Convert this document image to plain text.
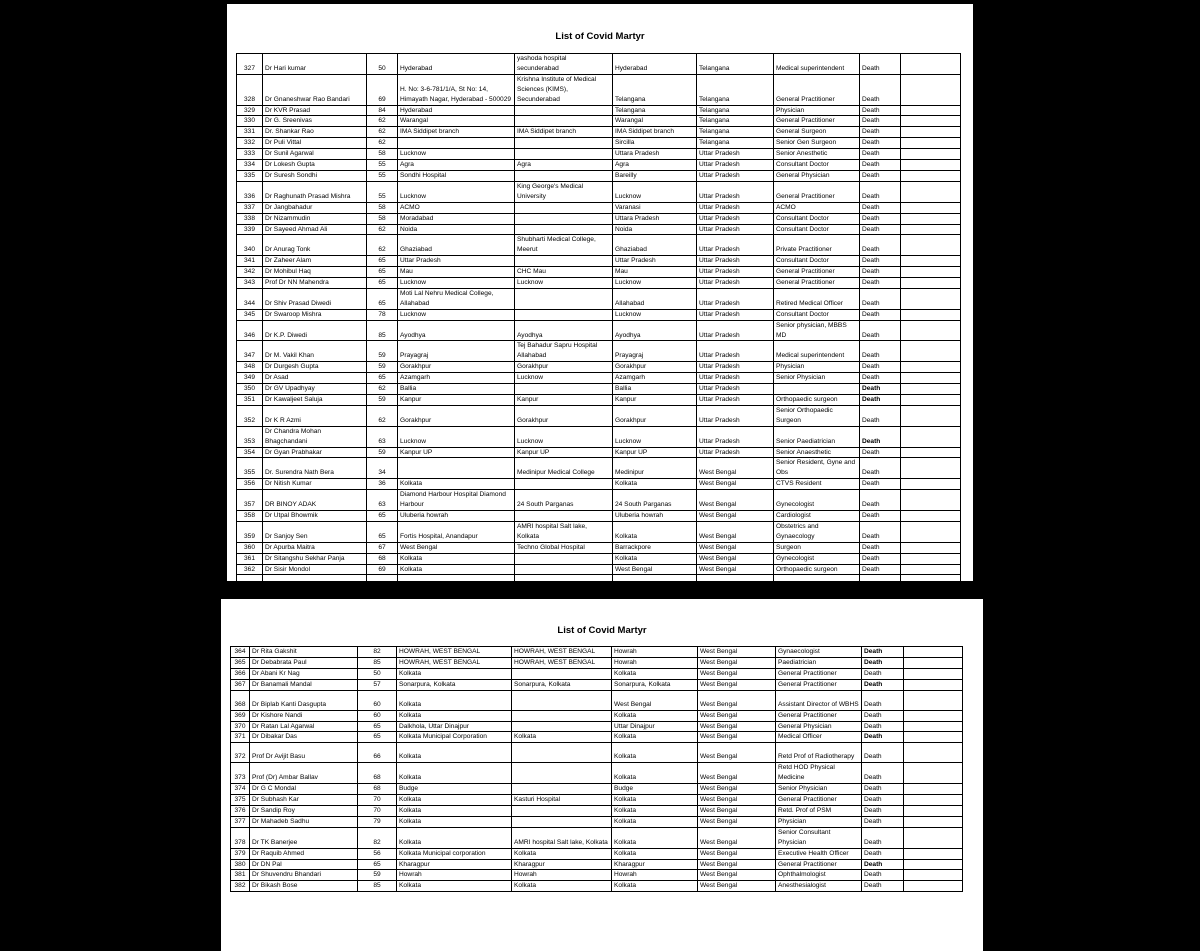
List of Covid Martyr
327	Dr Hari kumar	50	Hyderabad	yashoda hospital secunderabad	Hyderabad	Telangana	Medical superintendent	Death	
328	Dr Gnaneshwar Rao Bandari	69	H. No: 3-6-781/1/A, St No: 14, Himayath Nagar, Hyderabad - 500029	Krishna Institute of Medical Sciences (KIMS), Secunderabad	Telangana	Telangana	General Practitioner	Death	
329	Dr KVR Prasad	84	Hyderabad		Telangana	Telangana	Physician	Death	
330	Dr G. Sreenivas	62	Warangal		Warangal	Telangana	General Practitioner	Death	
331	Dr. Shankar Rao	62	IMA Siddipet branch	IMA Siddipet branch	IMA Siddipet branch	Telangana	General Surgeon	Death	
332	Dr Puli Vittal	62			Sircilla	Telangana	Senior Gen Surgeon	Death	
333	Dr Sunil Agarwal	58	Lucknow		Uttara Pradesh	Uttar Pradesh	Senior Anesthetic	Death	
334	Dr Lokesh Gupta	55	Agra	Agra	Agra	Uttar Pradesh	Consultant Doctor	Death	
335	Dr Suresh Sondhi	55	Sondhi Hospital		Bareilly	Uttar Pradesh	General Physician	Death	
336	Dr Raghunath Prasad Mishra	55	Lucknow	King George's Medical University	Lucknow	Uttar Pradesh	General Practitioner	Death	
337	Dr Jangbahadur	58	ACMO		Varanasi	Uttar Pradesh	ACMO	Death	
338	Dr Nizammudin	58	Moradabad		Uttara Pradesh	Uttar Pradesh	Consultant Doctor	Death	
339	Dr Sayeed Ahmad Ali	62	Noida		Noida	Uttar Pradesh	Consultant Doctor	Death	
340	Dr Anurag Tonk	62	Ghaziabad	Shubharti Medical College, Meerut	Ghaziabad	Uttar Pradesh	Private Practitioner	Death	
341	Dr Zaheer Alam	65	Uttar Pradesh		Uttar Pradesh	Uttar Pradesh	Consultant Doctor	Death	
342	Dr Mohibul Haq	65	Mau	CHC Mau	Mau	Uttar Pradesh	General Practitioner	Death	
343	Prof Dr NN Mahendra	65	Lucknow	Lucknow	Lucknow	Uttar Pradesh	General Practitioner	Death	
344	Dr Shiv Prasad Diwedi	65	Moti Lal Nehru Medical College, Allahabad		Allahabad	Uttar Pradesh	Retired Medical Officer	Death	
345	Dr Swaroop Mishra	78	Lucknow		Lucknow	Uttar Pradesh	Consultant Doctor	Death	
346	Dr K.P. Diwedi	85	Ayodhya	Ayodhya	Ayodhya	Uttar Pradesh	Senior physician, MBBS MD	Death	
347	Dr M. Vakil Khan	59	Prayagraj	Tej Bahadur Sapru Hospital Allahabad	Prayagraj	Uttar Pradesh	Medical superintendent	Death	
348	Dr Durgesh Gupta	59	Gorakhpur	Gorakhpur	Gorakhpur	Uttar Pradesh	Physician	Death	
349	Dr Asad	65	Azamgarh	Lucknow	Azamgarh	Uttar Pradesh	Senior Physician	Death	
350	Dr GV Upadhyay	62	Ballia		Ballia	Uttar Pradesh		Death	
351	Dr Kawaljeet Saluja	59	Kanpur	Kanpur	Kanpur	Uttar Pradesh	Orthopaedic surgeon	Death	
352	Dr K R Azmi	62	Gorakhpur	Gorakhpur	Gorakhpur	Uttar Pradesh	Senior Orthopaedic Surgeon	Death	
353	Dr Chandra Mohan Bhagchandani	63	Lucknow	Lucknow	Lucknow	Uttar Pradesh	Senior Paediatrician	Death	
354	Dr Gyan Prabhakar	59	Kanpur UP	Kanpur UP	Kanpur UP	Uttar Pradesh	Senior Anaesthetic	Death	
355	Dr. Surendra Nath Bera	34		Medinipur Medical College	Medinipur	West Bengal	Senior Resident, Gyne and Obs	Death	
356	Dr Nitish Kumar	36	Kolkata		Kolkata	West Bengal	CTVS Resident	Death	
357	DR BINOY ADAK	63	Diamond Harbour Hospital Diamond Harbour	24 South Parganas	24 South Parganas	West Bengal	Gynecologist	Death	
358	Dr Utpal Bhowmik	65	Uluberia howrah		Uluberia howrah	West Bengal	Cardiologist	Death	
359	Dr Sanjoy Sen	65	Fortis Hospital, Anandapur	AMRI hospital Salt lake, Kolkata	Kolkata	West Bengal	Obstetrics and Gynaecology	Death	
360	Dr Apurba Maitra	67	West Bengal	Techno Global Hospital	Barrackpore	West Bengal	Surgeon	Death	
361	Dr Sitangshu Sekhar Panja	68	Kolkata		Kolkata	West Bengal	Gynecologist	Death	
362	Dr Sisir Mondol	69	Kolkata		West Bengal	West Bengal	Orthopaedic surgeon	Death	
363	Prof. Dr. Rabin Basu	79	Beleghata	Beleghata ID and BG Hospital	Kolkata	West Bengal	Forensic Medicine	Death	
List of Covid Martyr
364	Dr Rita Gakshit	82	HOWRAH, WEST BENGAL	HOWRAH, WEST BENGAL	Howrah	West Bengal	Gynaecologist	Death	
365	Dr Debabrata Paul	85	HOWRAH, WEST BENGAL	HOWRAH, WEST BENGAL	Howrah	West Bengal	Paediatrician	Death	
366	Dr Abani Kr Nag	50	Kolkata		Kolkata	West Bengal	General Practitioner	Death	
367	Dr Banamali Mandal	57	Sonarpura, Kolkata	Sonarpura, Kolkata	Sonarpura, Kolkata	West Bengal	General Practitioner	Death	
368	Dr Biplab Kanti Dasgupta	60	Kolkata		West Bengal	West Bengal	Assistant Director of WBHS	Death	
369	Dr Kishore Nandi	60	Kolkata		Kolkata	West Bengal	General Practitioner	Death	
370	Dr Ratan Lal Agarwal	65	Dalkhola, Uttar Dinajpur		Uttar Dinajpur	West Bengal	General Physician	Death	
371	Dr Dibakar Das	65	Kolkata Municipal Corporation	Kolkata	Kolkata	West Bengal	Medical Officer	Death	
372	Prof Dr Avijit Basu	66	Kolkata		Kolkata	West Bengal	Retd Prof of Radiotherapy	Death	
373	Prof (Dr) Ambar Ballav	68	Kolkata		Kolkata	West Bengal	Retd HOD Physical Medicine	Death	
374	Dr G C Mondal	68	Budge		Budge	West Bengal	Senior Physician	Death	
375	Dr Subhash Kar	70	Kolkata	Kasturi Hospital	Kolkata	West Bengal	General Practitioner	Death	
376	Dr Sandip Roy	70	Kolkata		Kolkata	West Bengal	Retd. Prof of PSM	Death	
377	Dr Mahadeb Sadhu	79	Kolkata		Kolkata	West Bengal	Physician	Death	
378	Dr TK Banerjee	82	Kolkata	AMRI hospital Salt lake, Kolkata	Kolkata	West Bengal	Senior Consultant Physician	Death	
379	Dr Raquib Ahmed	56	Kolkata Municipal corporation	Kolkata	Kolkata	West Bengal	Executive Health Officer	Death	
380	Dr DN Pal	65	Kharagpur	Kharagpur	Kharagpur	West Bengal	General Practitioner	Death	
381	Dr Shuvendru Bhandari	59	Howrah	Howrah	Howrah	West Bengal	Ophthalmologist	Death	
382	Dr Bikash Bose	85	Kolkata	Kolkata	Kolkata	West Bengal	Anesthesialogist	Death	
